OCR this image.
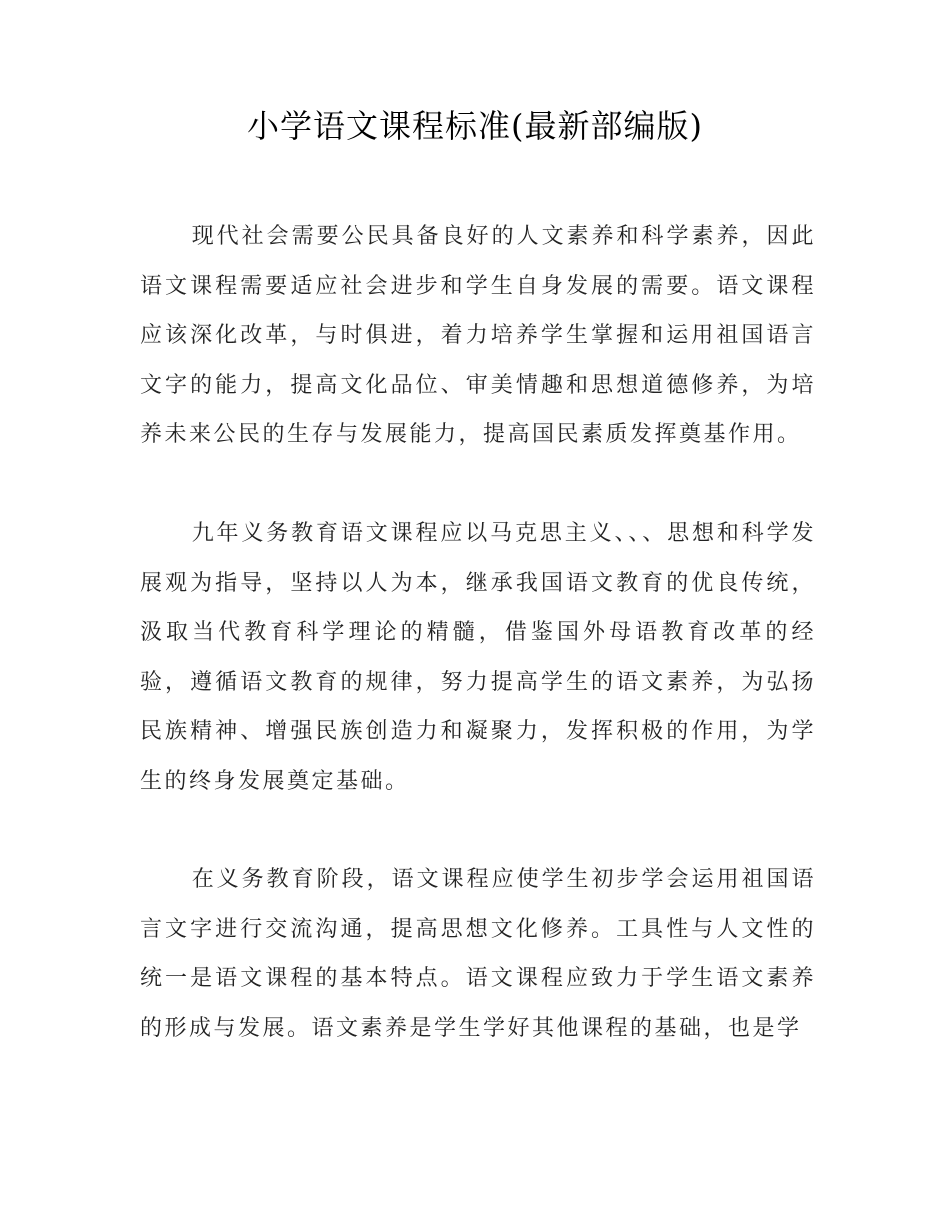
小学语文课程标准(最新部编版)

现代社会需要公民具备良好的人文素养和科学素养，因此语文课程需要适应社会进步和学生自身发展的需要。语文课程应该深化改革，与时俱进，着力培养学生掌握和运用祖国语言文字的能力，提高文化品位、审美情趣和思想道德修养，为培养未来公民的生存与发展能力，提高国民素质发挥奠基作用。

九年义务教育语文课程应以马克思主义、、、思想和科学发展观为指导，坚持以人为本，继承我国语文教育的优良传统，汲取当代教育科学理论的精髓，借鉴国外母语教育改革的经验，遵循语文教育的规律，努力提高学生的语文素养，为弘扬民族精神、增强民族创造力和凝聚力，发挥积极的作用，为学生的终身发展奠定基础。

在义务教育阶段，语文课程应使学生初步学会运用祖国语言文字进行交流沟通，提高思想文化修养。工具性与人文性的统一是语文课程的基本特点。语文课程应致力于学生语文素养的形成与发展。语文素养是学生学好其他课程的基础，也是学
